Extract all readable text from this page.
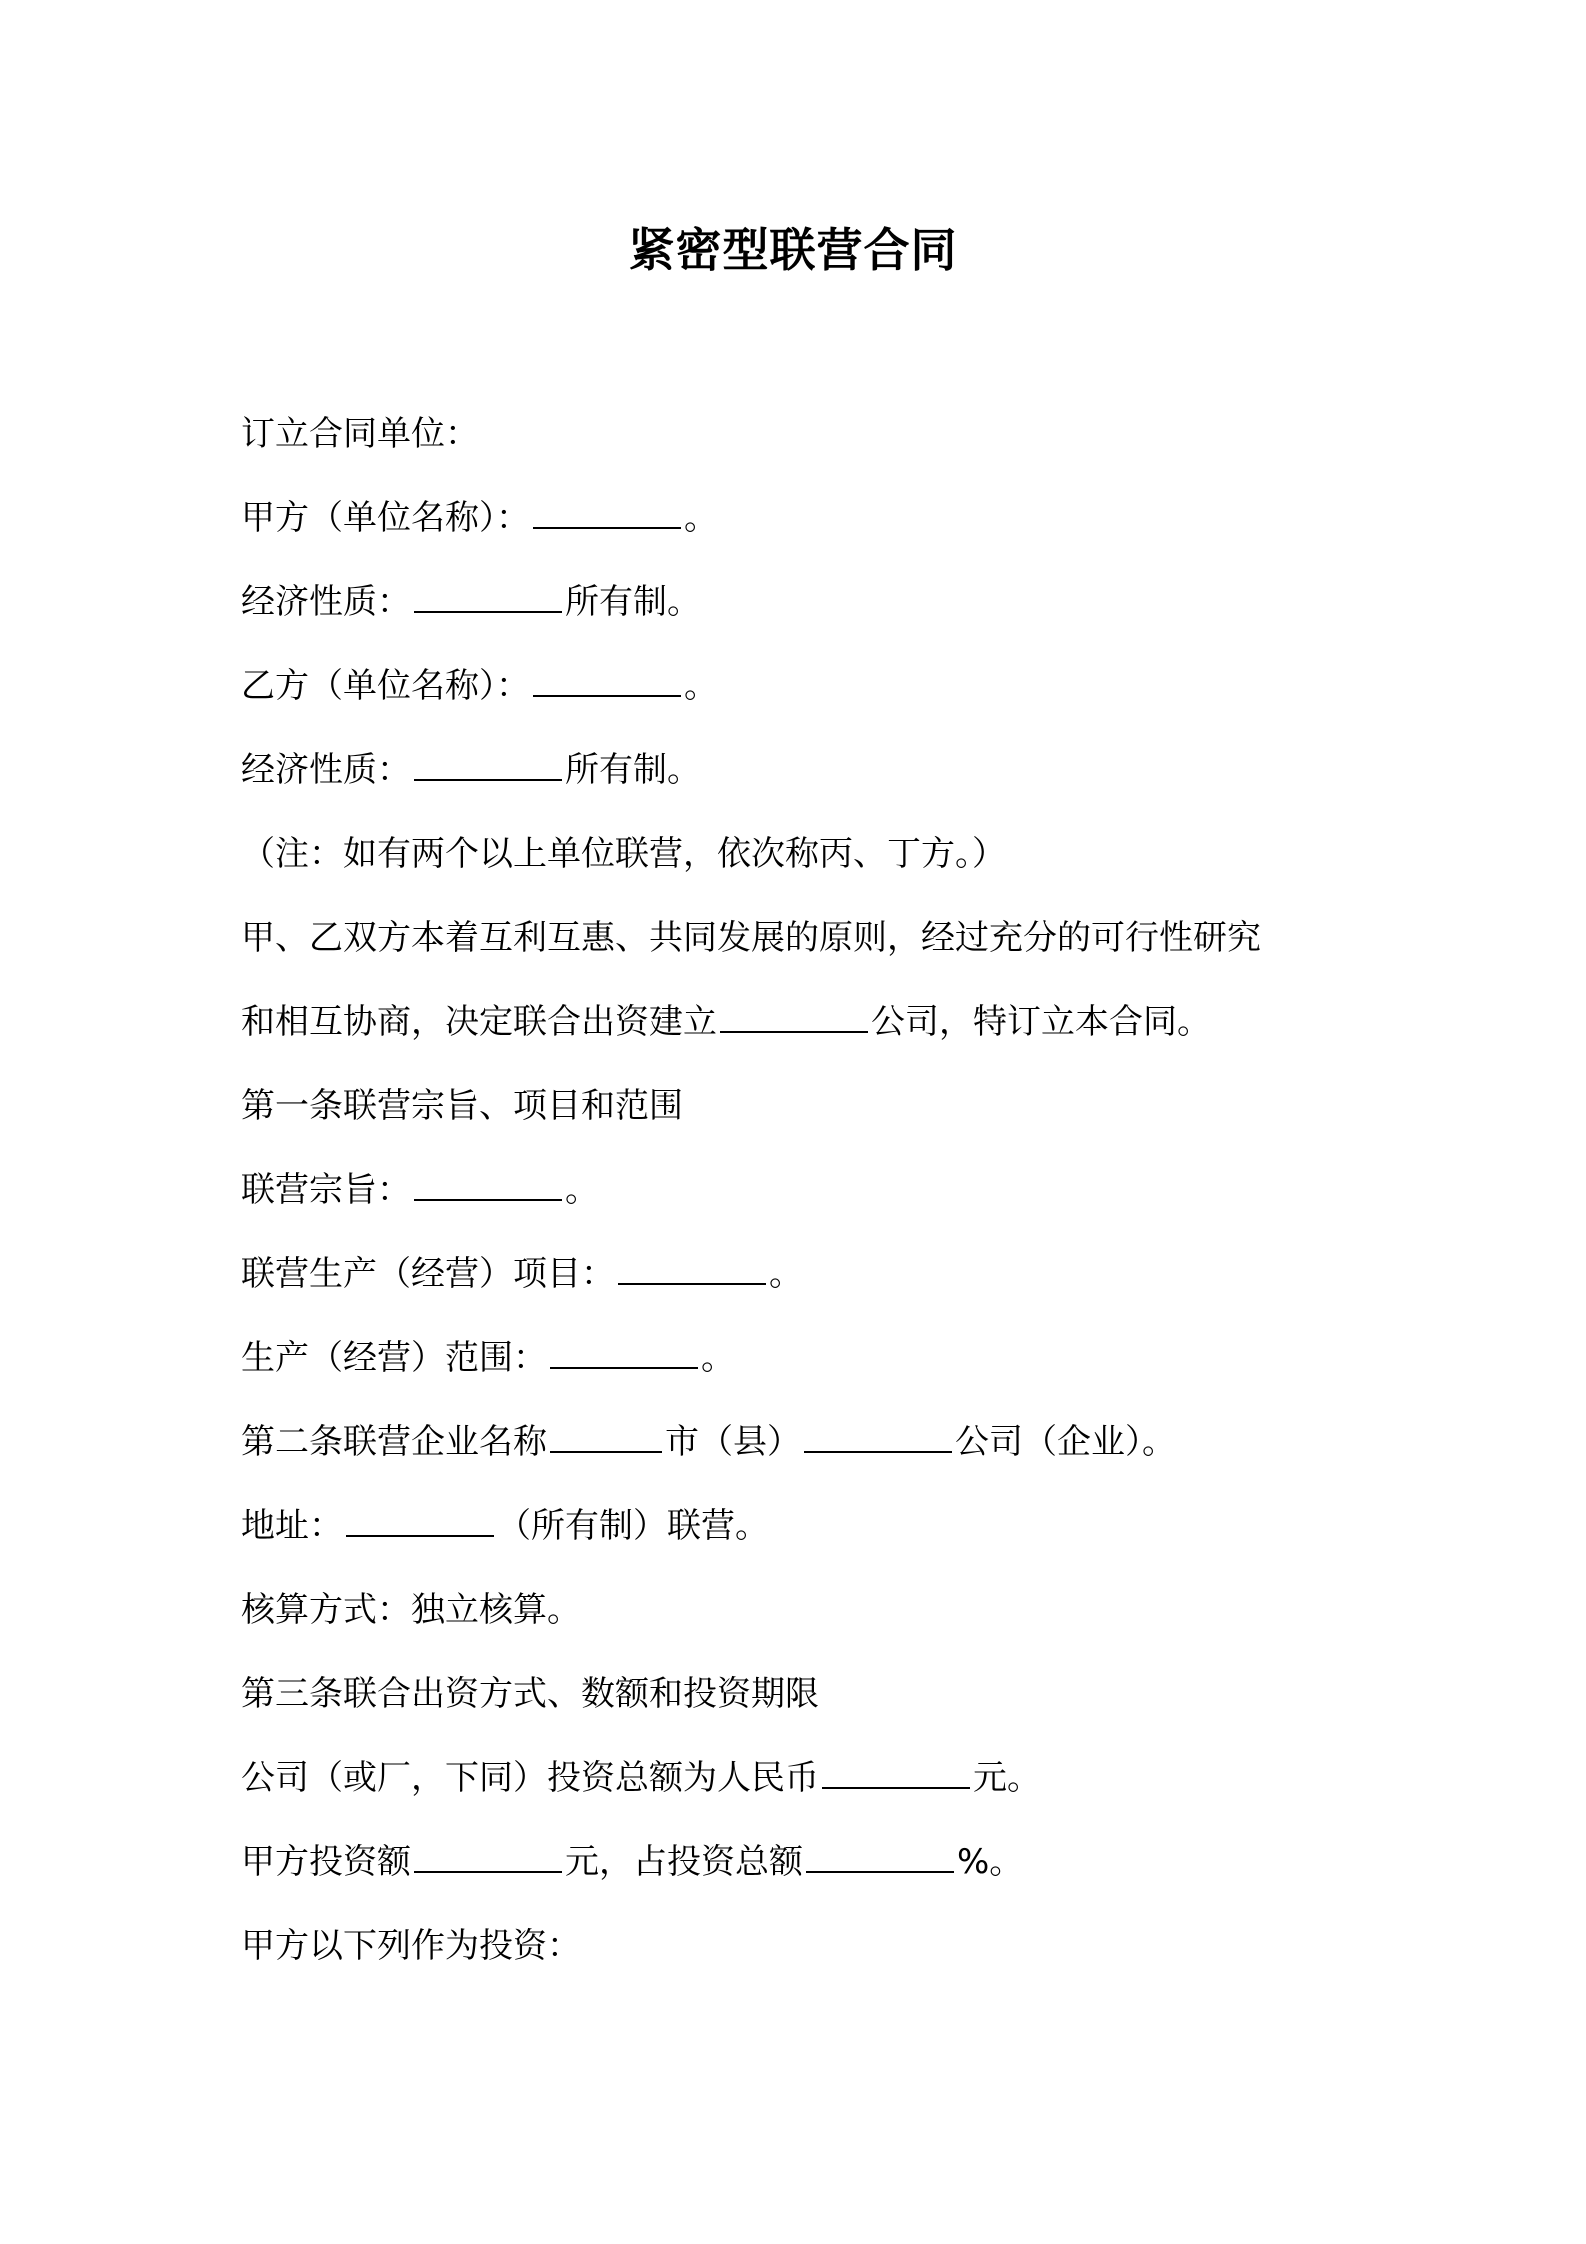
紧密型联营合同
订立合同单位：
甲方（单位名称）：	。
经济性质：	所有制。
乙方（单位名称）：	。
经济性质：	所有制。
（注：如有两个以上单位联营，依次称丙、丁方。）
甲、乙双方本着互利互惠、共同发展的原则，经过充分的可行性研究
和相互协商，决定联合出资建立	公司，特订立本合同。
第一条联营宗旨、项目和范围
联营宗旨：	。
联营生产（经营）项目：	。
生产（经营）范围：	。
第二条联营企业名称	市（县）	公司（企业）。
地址：	（所有制）联营。
核算方式：独立核算。
第三条联合出资方式、数额和投资期限
公司（或厂，下同）投资总额为人民币	元。
甲方投资额	元，占投资总额	%。
甲方以下列作为投资：
